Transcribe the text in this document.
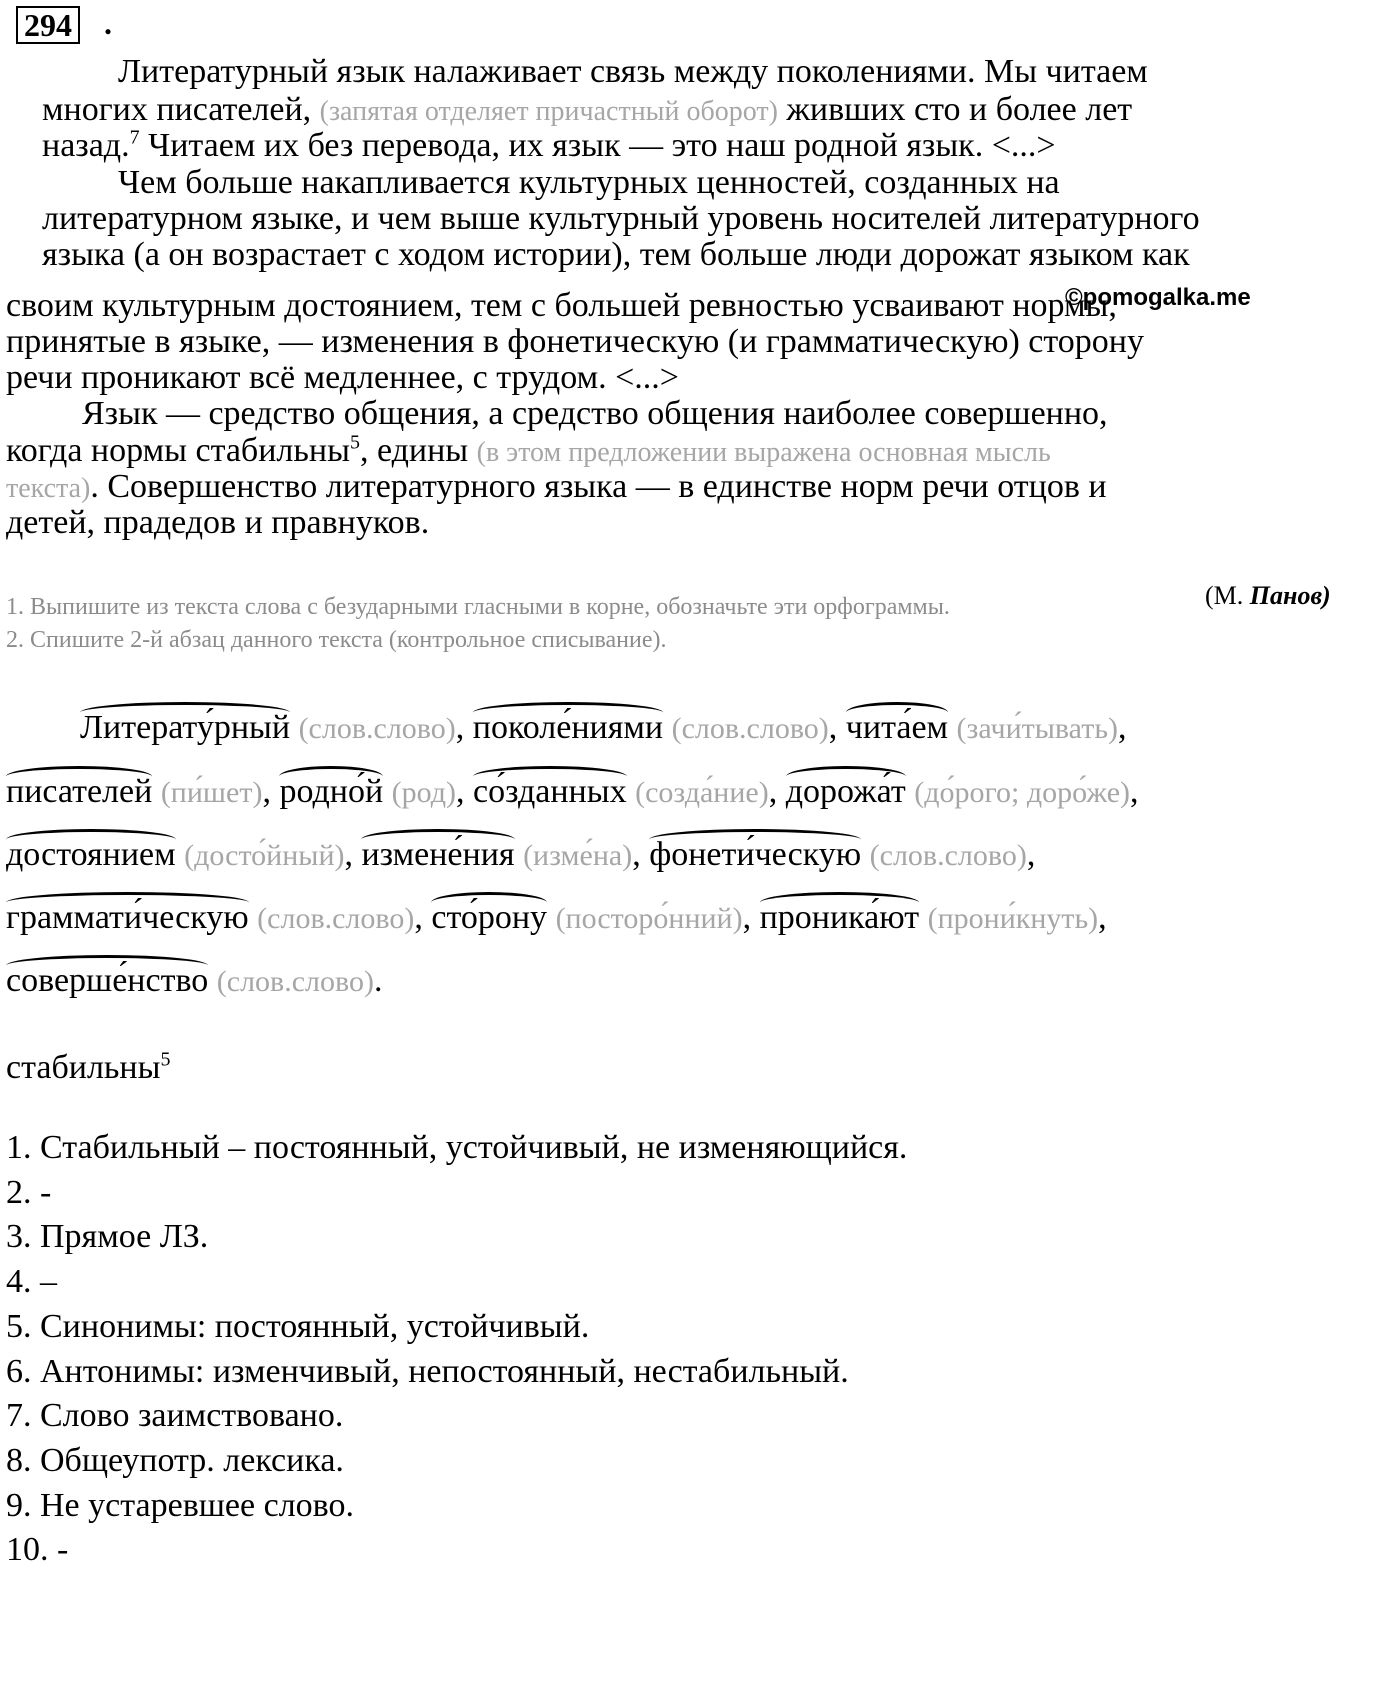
294 .
Литературный язык налаживает связь между поколениями. Мы читаем
многих писателей, (запятая отделяет причастный оборот) живших сто и более лет
назад.$^7$ Читаем их без перевода, их язык — это наш родной язык. <...>
Чем больше накапливается культурных ценностей, созданных на
литературном языке, и чем выше культурный уровень носителей литературного
языка (а он возрастает с ходом истории), тем больше люди дорожат языком как
©pomogalka.me
своим культурным достоянием, тем с большей ревностью усваивают нормы,
принятые в языке, — изменения в фонетическую (и грамматическую) сторону
речи проникают всё медленнее, с трудом. <...>
Язык — средство общения, а средство общения наиболее совершенно,
когда нормы стабильны$^5$, едины (в этом предложении выражена основная мысль
текста). Совершенство литературного языка — в единстве норм речи отцов и
детей, прадедов и правнуков.
(М. Панов)
1. Выпишите из текста слова с безударными гласными в корне, обозначьте эти орфограммы.
2. Спишите 2-й абзац данного текста (контрольное списывание).
Литерату́рный (слов.слово), поколе́ниями (слов.слово), чита́ем (зачи́тывать),
писателей (пи́шет), родно́й (род), со́зданных (созда́ние), дорожа́т (до́рого; доро́же),
достоянием (досто́йный), измене́ния (изме́на), фонети́ческую (слов.слово),
граммати́ческую (слов.слово), сто́рону (посторо́нний), проника́ют (прони́кнуть),
соверше́нство (слов.слово).
стабильны$^5$
1. Стабильный – постоянный, устойчивый, не изменяющийся.
2. -
3. Прямое ЛЗ.
4. –
5. Синонимы: постоянный, устойчивый.
6. Антонимы: изменчивый, непостоянный, нестабильный.
7. Слово заимствовано.
8. Общеупотр. лексика.
9. Не устаревшее слово.
10. -
